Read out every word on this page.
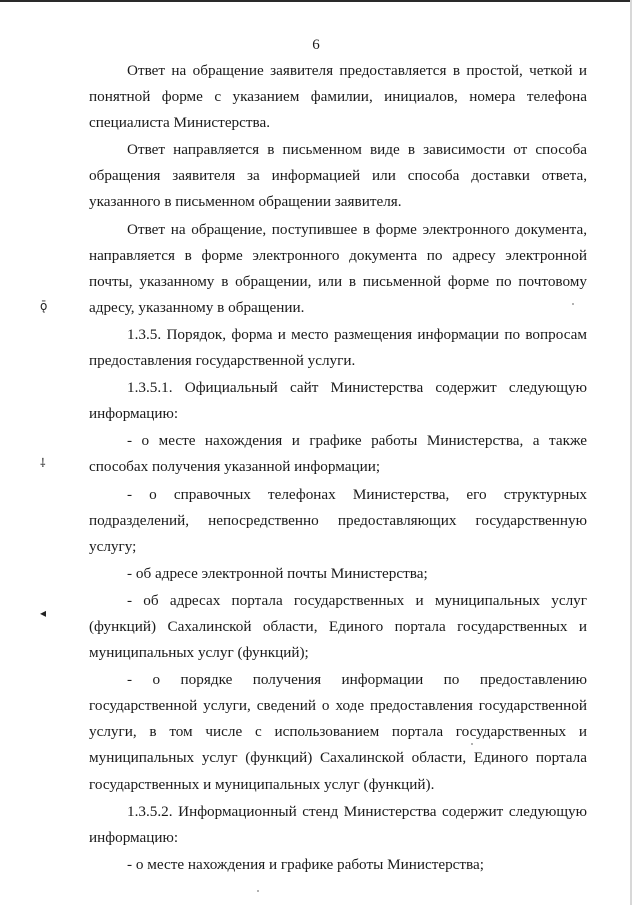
6

Ответ на обращение заявителя предоставляется в простой, четкой и понятной форме с указанием фамилии, инициалов, номера телефона специалиста Министерства.

Ответ направляется в письменном виде в зависимости от способа обращения заявителя за информацией или способа доставки ответа, указанного в письменном обращении заявителя.

Ответ на обращение, поступившее в форме электронного документа, направляется в форме электронного документа по адресу электронной почты, указанному в обращении, или в письменной форме по почтовому адресу, указанному в обращении.

1.3.5. Порядок, форма и место размещения информации по вопросам предоставления государственной услуги.

1.3.5.1. Официальный сайт Министерства содержит следующую информацию:

- о месте нахождения и графике работы Министерства, а также способах получения указанной информации;

- о справочных телефонах Министерства, его структурных подразделений, непосредственно предоставляющих государственную услугу;

- об адресе электронной почты Министерства;

- об адресах портала государственных и муниципальных услуг (функций) Сахалинской области, Единого портала государственных и муниципальных услуг (функций);

- о порядке получения информации по предоставлению государственной услуги, сведений о ходе предоставления государственной услуги, в том числе с использованием портала государственных и муниципальных услуг (функций) Сахалинской области, Единого портала государственных и муниципальных услуг (функций).

1.3.5.2. Информационный стенд Министерства содержит следующую информацию:

- о месте нахождения и графике работы Министерства;

ǭ
⸸
◂
